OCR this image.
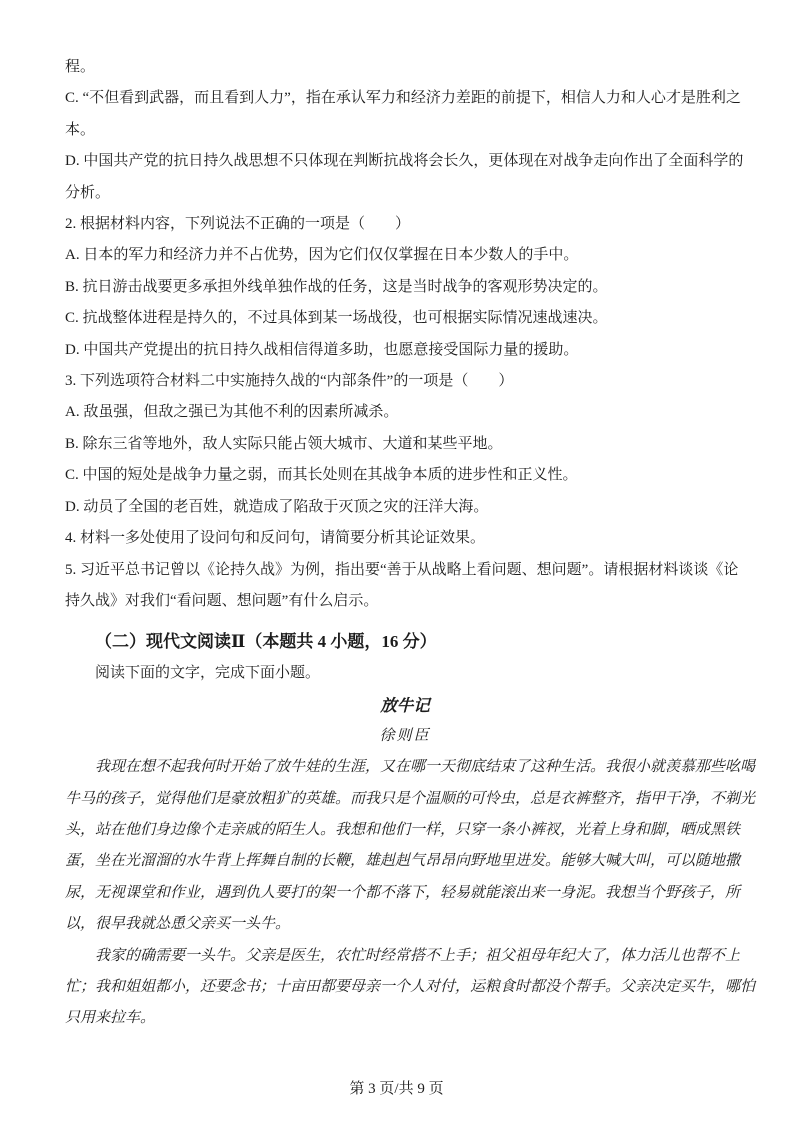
程。
C. “不但看到武器，而且看到人力”，指在承认军力和经济力差距的前提下，相信人力和人心才是胜利之
本。
D. 中国共产党的抗日持久战思想不只体现在判断抗战将会长久，更体现在对战争走向作出了全面科学的
分析。
2. 根据材料内容，下列说法不正确的一项是（　　）
A. 日本的军力和经济力并不占优势，因为它们仅仅掌握在日本少数人的手中。
B. 抗日游击战要更多承担外线单独作战的任务，这是当时战争的客观形势决定的。
C. 抗战整体进程是持久的，不过具体到某一场战役，也可根据实际情况速战速决。
D. 中国共产党提出的抗日持久战相信得道多助，也愿意接受国际力量的援助。
3. 下列选项符合材料二中实施持久战的“内部条件”的一项是（　　）
A. 敌虽强，但敌之强已为其他不利的因素所减杀。
B. 除东三省等地外，敌人实际只能占领大城市、大道和某些平地。
C. 中国的短处是战争力量之弱，而其长处则在其战争本质的进步性和正义性。
D. 动员了全国的老百姓，就造成了陷敌于灭顶之灾的汪洋大海。
4. 材料一多处使用了设问句和反问句，请简要分析其论证效果。
5. 习近平总书记曾以《论持久战》为例，指出要“善于从战略上看问题、想问题”。请根据材料谈谈《论
持久战》对我们“看问题、想问题”有什么启示。
（二）现代文阅读Ⅱ（本题共 4 小题，16 分）
阅读下面的文字，完成下面小题。
放牛记
徐则臣
我现在想不起我何时开始了放牛娃的生涯，又在哪一天彻底结束了这种生活。我很小就羡慕那些吆喝
牛马的孩子，觉得他们是豪放粗犷的英雄。而我只是个温顺的可怜虫，总是衣裤整齐，指甲干净，不剃光
头，站在他们身边像个走亲戚的陌生人。我想和他们一样，只穿一条小裤衩，光着上身和脚，晒成黑铁
蛋，坐在光溜溜的水牛背上挥舞自制的长鞭，雄赳赳气昂昂向野地里进发。能够大喊大叫，可以随地撒
尿，无视课堂和作业，遇到仇人要打的架一个都不落下，轻易就能滚出来一身泥。我想当个野孩子，所
以，很早我就怂恿父亲买一头牛。
我家的确需要一头牛。父亲是医生，农忙时经常搭不上手；祖父祖母年纪大了，体力活儿也帮不上
忙；我和姐姐都小，还要念书；十亩田都要母亲一个人对付，运粮食时都没个帮手。父亲决定买牛，哪怕
只用来拉车。
第 3 页/共 9 页
